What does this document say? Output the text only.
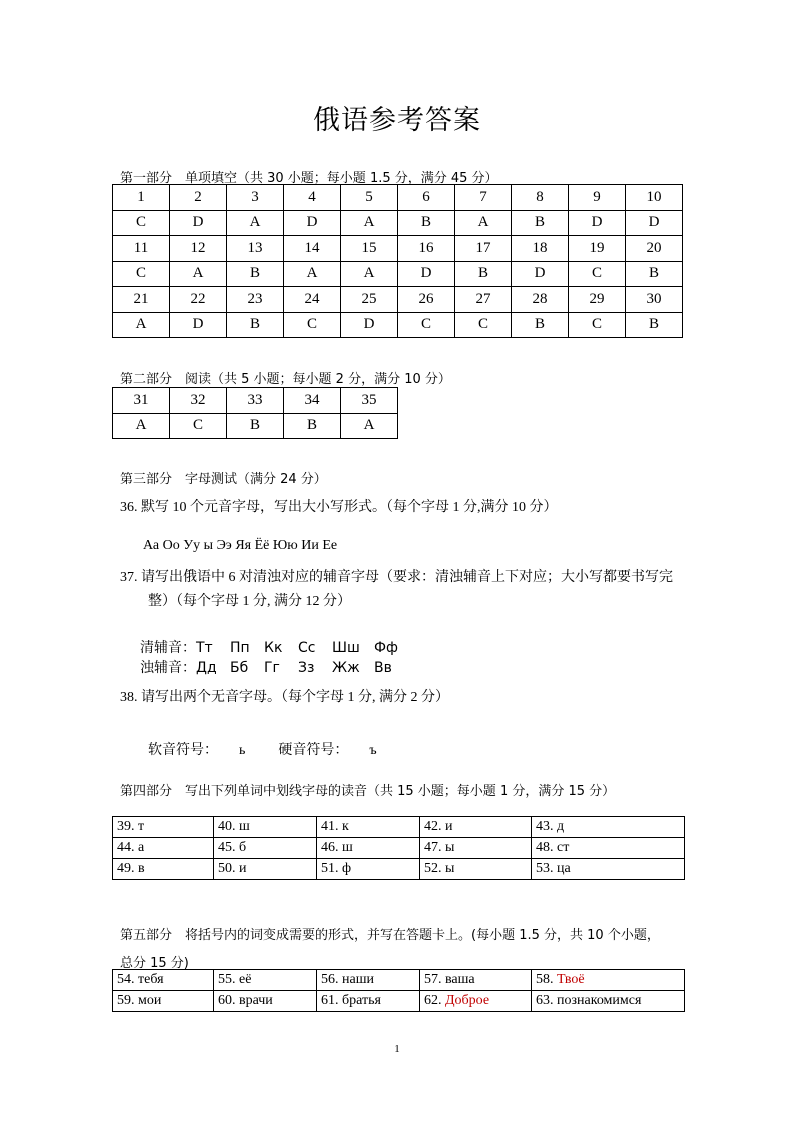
俄语参考答案
第一部分　单项填空（共 30 小题；每小题 1.5 分，满分 45 分）
1	2	3	4	5	6	7	8	9	10
C	D	A	D	A	B	A	B	D	D
11	12	13	14	15	16	17	18	19	20
C	A	B	A	A	D	B	D	C	B
21	22	23	24	25	26	27	28	29	30
A	D	B	C	D	C	C	B	C	B
第二部分　阅读（共 5 小题；每小题 2 分，满分 10 分）
31	32	33	34	35
A	C	B	B	A
第三部分　字母测试（满分 24 分）
36. 默写 10 个元音字母，写出大小写形式。（每个字母 1 分,满分 10 分）
Аа Оо Уу ы Ээ Яя Ёё Юю Ии Ее
37. 请写出俄语中 6 对清浊对应的辅音字母（要求：清浊辅音上下对应；大小写都要书写完
整）（每个字母 1 分, 满分 12 分）
清辅音：Тт Пп Кк Сс Шш Фф
浊辅音：Дд Бб Гг Зз Жж Вв
38. 请写出两个无音字母。（每个字母 1 分, 满分 2 分）
软音符号： ь 硬音符号： ъ
第四部分　写出下列单词中划线字母的读音（共 15 小题；每小题 1 分，满分 15 分）
39. т	40. ш	41. к	42. и	43. д
44. а	45. б	46. ш	47. ы	48. ст
49. в	50. и	51. ф	52. ы	53. ца
第五部分　将括号内的词变成需要的形式，并写在答题卡上。(每小题 1.5 分，共 10 个小题，
总分 15 分)
54. тебя	55. её	56. наши	57. ваша	58. Твоё
59. мои	60. врачи	61. братья	62. Доброе	63. познакомимся
1
